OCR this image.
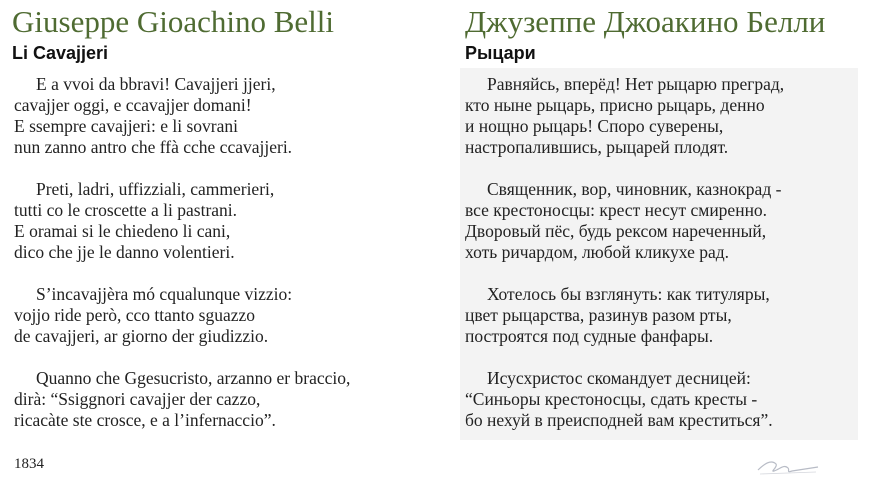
Giuseppe Gioachino Belli
Li Cavajjeri
E a vvoi da bbravi! Cavajjeri jjeri,
cavajjer oggi, e ccavajjer domani!
E ssempre cavajjeri: e li sovrani
nun zanno antro che ffà cche ccavajjeri.
Preti, ladri, uffizziali, cammerieri,
tutti co le croscette a li pastrani.
E oramai si le chiedeno li cani,
dico che jje le danno volentieri.
S’incavajjèra mó cqualunque vizzio:
vojjo ride però, cco ttanto sguazzo
de cavajjeri, ar giorno der giudizzio.
Quanno che Ggesucristo, arzanno er braccio,
dirà: “Ssiggnori cavajjer der cazzo,
ricacàte ste crosce, e a l’infernaccio”.
1834
Джузеппе Джоакино Белли
Рыцари
Равняйсь, вперёд! Нет рыцарю преград,
кто ныне рыцарь, присно рыцарь, денно
и нощно рыцарь! Споро суверены,
настропалившись, рыцарей плодят.
Священник, вор, чиновник, казнокрад -
все крестоносцы: крест несут смиренно.
Дворовый пёс, будь рексом нареченный,
хоть ричардом, любой кликухе рад.
Хотелось бы взглянуть: как титуляры,
цвет рыцарства, разинув разом рты,
построятся под судные фанфары.
Исусхристос скомандует десницей:
“Синьоры крестоносцы, сдать кресты -
бо нехуй в преисподней вам креститься”.
